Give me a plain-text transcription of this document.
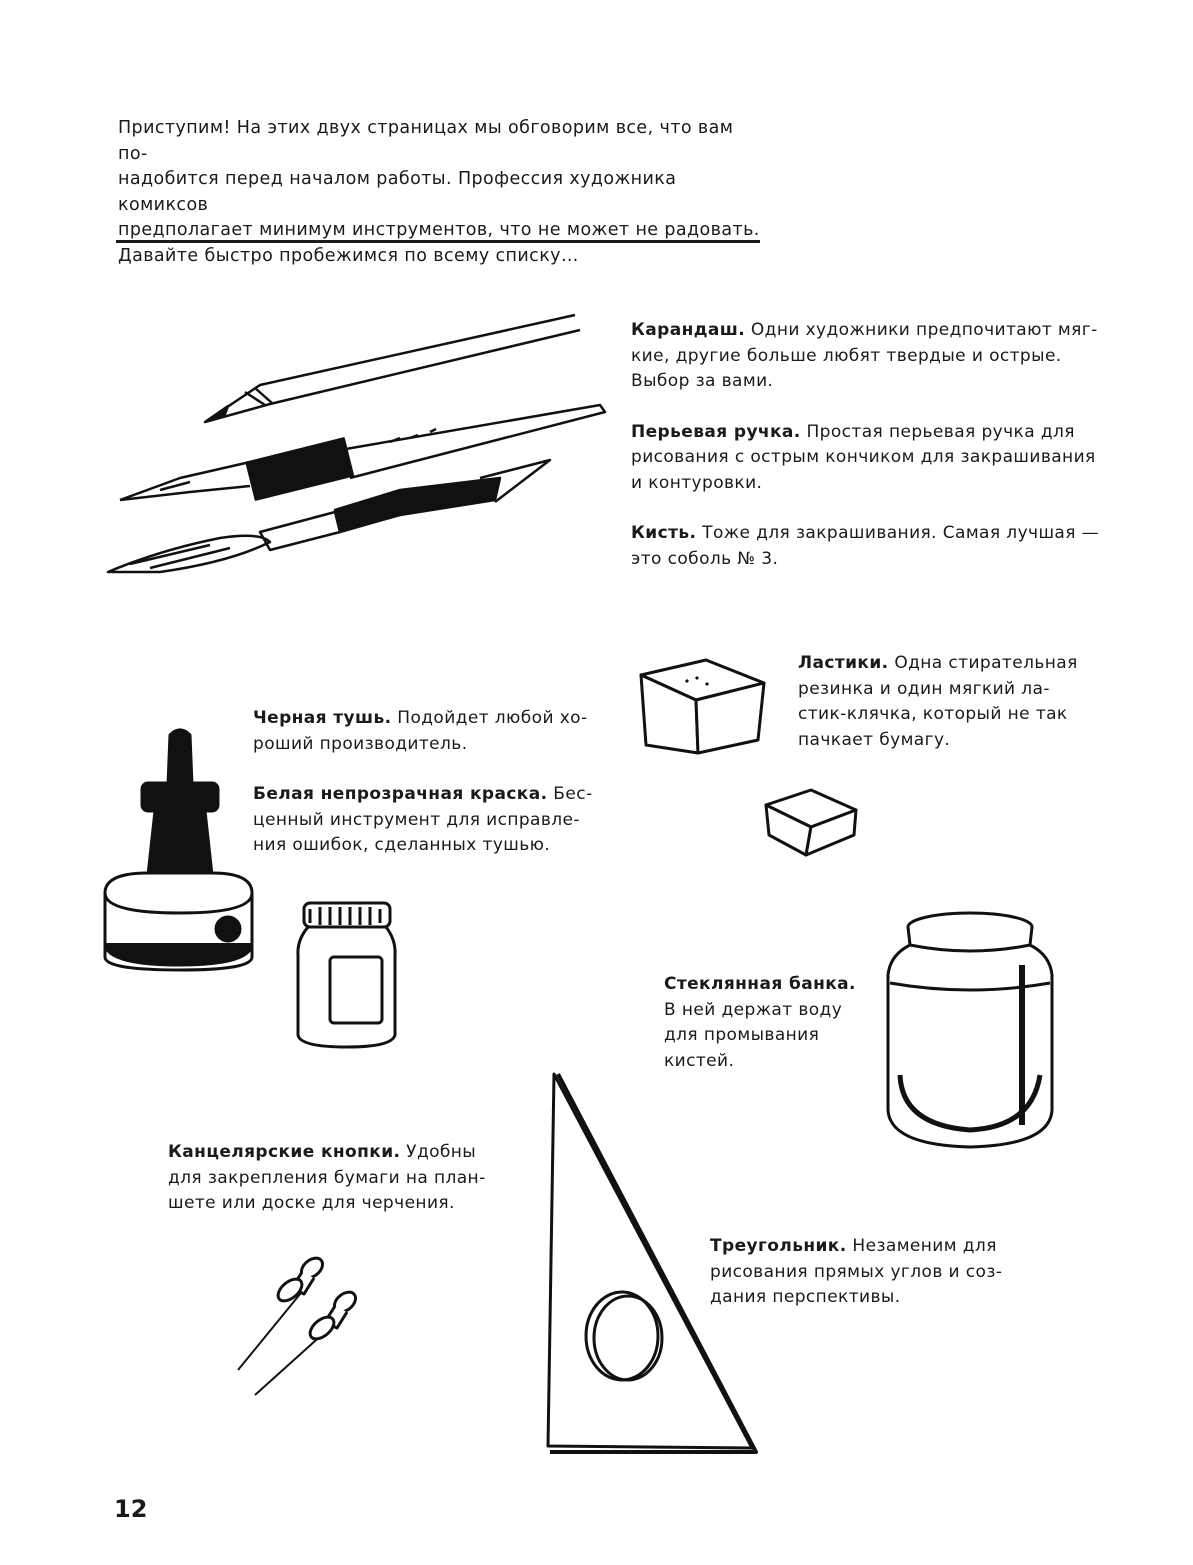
Приступим! На этих двух страницах мы обговорим все, что вам по-
надобится перед началом работы. Профессия художника комиксов
предполагает минимум инструментов, что не может не радовать.
Давайте быстро пробежимся по всему списку…

Карандаш. Одни художники предпочитают мяг-
кие, другие больше любят твердые и острые.
Выбор за вами.

Перьевая ручка. Простая перьевая ручка для
рисования с острым кончиком для закрашивания
и контуровки.

Кисть. Тоже для закрашивания. Самая лучшая —
это соболь № 3.

Ластики. Одна стирательная
резинка и один мягкий ла-
стик-клячка, который не так
пачкает бумагу.

Черная тушь. Подойдет любой хо-
роший производитель.

Белая непрозрачная краска. Бес-
ценный инструмент для исправле-
ния ошибок, сделанных тушью.

Стеклянная банка.
В ней держат воду
для промывания
кистей.

Треугольник. Незаменим для
рисования прямых углов и соз-
дания перспективы.

Канцелярские кнопки. Удобны
для закрепления бумаги на план-
шете или доске для черчения.

12
